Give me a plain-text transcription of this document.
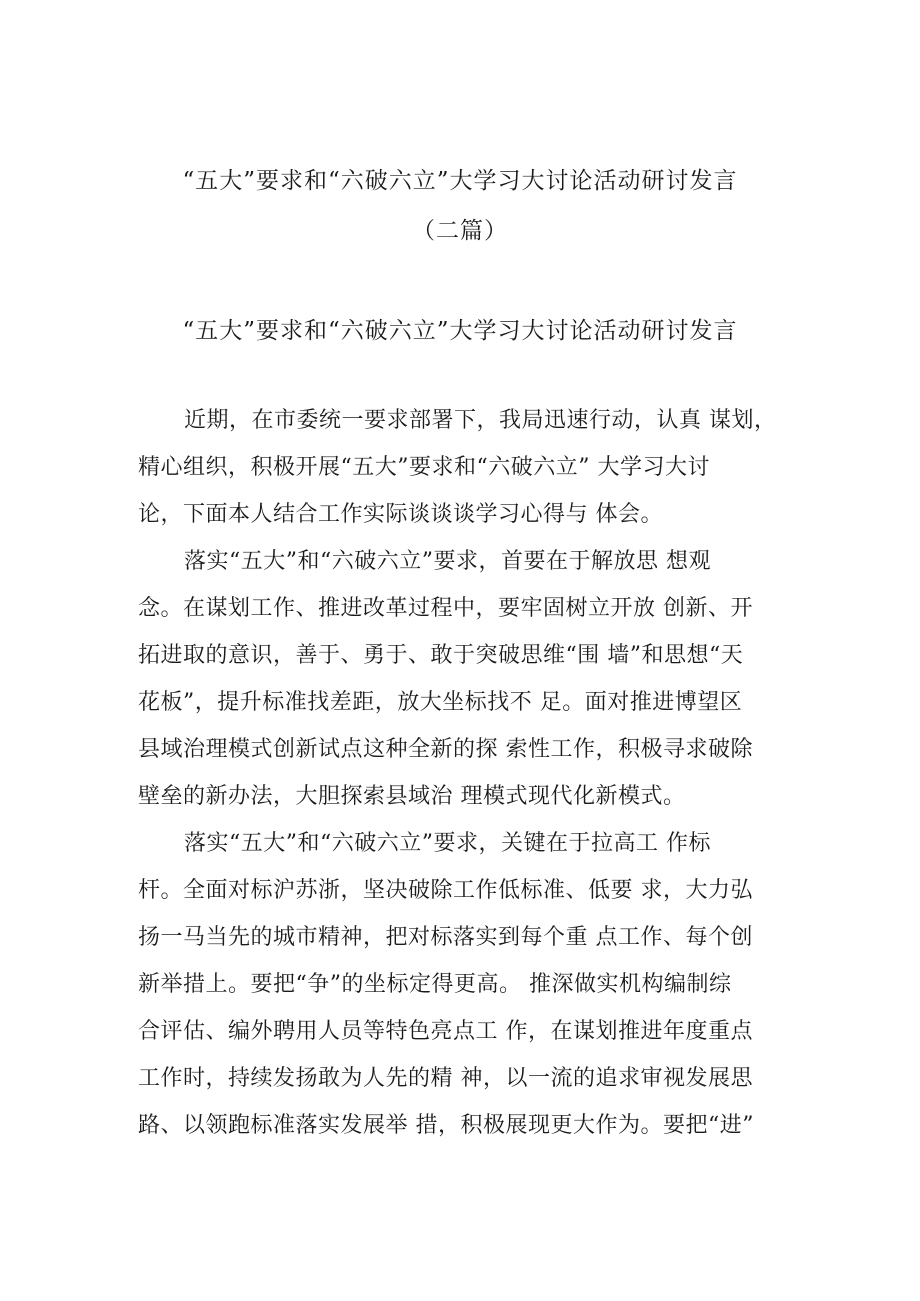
“五大”要求和“六破六立”大学习大讨论活动研讨发言
（二篇）
“五大”要求和“六破六立”大学习大讨论活动研讨发言
近期，在市委统一要求部署下，我局迅速行动，认真 谋划，
精心组织，积极开展“五大”要求和“六破六立” 大学习大讨
论，下面本人结合工作实际谈谈谈学习心得与 体会。
落实“五大”和“六破六立”要求，首要在于解放思 想观
念。在谋划工作、推进改革过程中，要牢固树立开放 创新、开
拓进取的意识，善于、勇于、敢于突破思维“围 墙”和思想“天
花板”，提升标准找差距，放大坐标找不 足。面对推进博望区
县域治理模式创新试点这种全新的探 索性工作，积极寻求破除
壁垒的新办法，大胆探索县域治 理模式现代化新模式。
落实“五大”和“六破六立”要求，关键在于拉高工 作标
杆。全面对标沪苏浙，坚决破除工作低标准、低要 求，大力弘
扬一马当先的城市精神，把对标落实到每个重 点工作、每个创
新举措上。要把“争”的坐标定得更高。 推深做实机构编制综
合评估、编外聘用人员等特色亮点工 作，在谋划推进年度重点
工作时，持续发扬敢为人先的精 神，以一流的追求审视发展思
路、以领跑标准落实发展举 措，积极展现更大作为。要把“进”
